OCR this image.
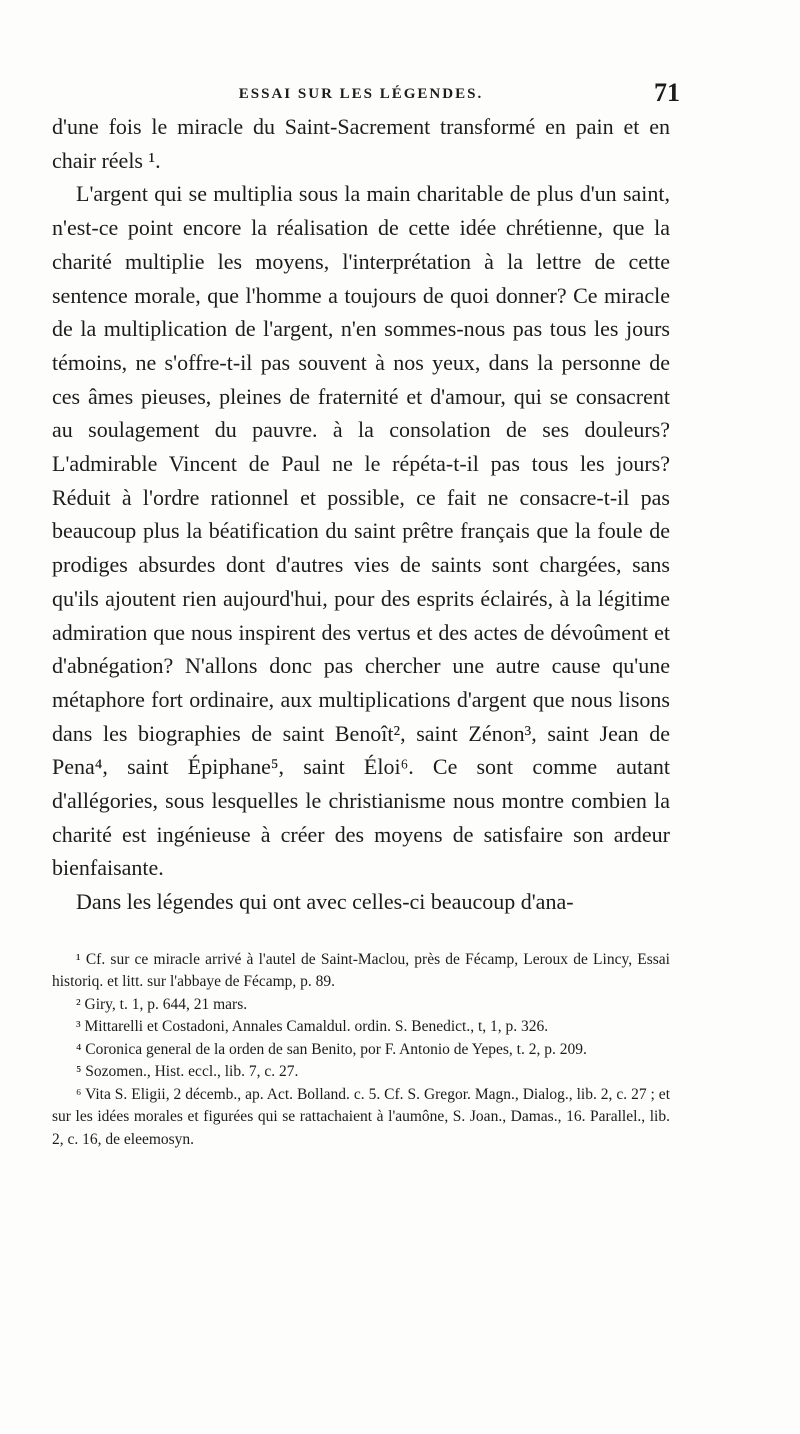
ESSAI SUR LES LÉGENDES.	71

d'une fois le miracle du Saint-Sacrement transformé en pain et en chair réels ¹.

L'argent qui se multiplia sous la main charitable de plus d'un saint, n'est-ce point encore la réalisation de cette idée chrétienne, que la charité multiplie les moyens, l'interprétation à la lettre de cette sentence morale, que l'homme a toujours de quoi donner? Ce miracle de la multiplication de l'argent, n'en sommes-nous pas tous les jours témoins, ne s'offre-t-il pas souvent à nos yeux, dans la personne de ces âmes pieuses, pleines de fraternité et d'amour, qui se consacrent au soulagement du pauvre. à la consolation de ses douleurs? L'admirable Vincent de Paul ne le répéta-t-il pas tous les jours? Réduit à l'ordre rationnel et possible, ce fait ne consacre-t-il pas beaucoup plus la béatification du saint prêtre français que la foule de prodiges absurdes dont d'autres vies de saints sont chargées, sans qu'ils ajoutent rien aujourd'hui, pour des esprits éclairés, à la légitime admiration que nous inspirent des vertus et des actes de dévoûment et d'abnégation? N'allons donc pas chercher une autre cause qu'une métaphore fort ordinaire, aux multiplications d'argent que nous lisons dans les biographies de saint Benoît², saint Zénon³, saint Jean de Pena⁴, saint Épiphane⁵, saint Éloi⁶. Ce sont comme autant d'allégories, sous lesquelles le christianisme nous montre combien la charité est ingénieuse à créer des moyens de satisfaire son ardeur bienfaisante.

Dans les légendes qui ont avec celles-ci beaucoup d'ana-

¹ Cf. sur ce miracle arrivé à l'autel de Saint-Maclou, près de Fécamp, Leroux de Lincy, Essai historiq. et litt. sur l'abbaye de Fécamp, p. 89.

² Giry, t. 1, p. 644, 21 mars.

³ Mittarelli et Costadoni, Annales Camaldul. ordin. S. Benedict., t, 1, p. 326.

⁴ Coronica general de la orden de san Benito, por F. Antonio de Yepes, t. 2, p. 209.

⁵ Sozomen., Hist. eccl., lib. 7, c. 27.

⁶ Vita S. Eligii, 2 décemb., ap. Act. Bolland. c. 5. Cf. S. Gregor. Magn., Dialog., lib. 2, c. 27 ; et sur les idées morales et figurées qui se rattachaient à l'aumône, S. Joan., Damas., 16. Parallel., lib. 2, c. 16, de eleemosyn.
